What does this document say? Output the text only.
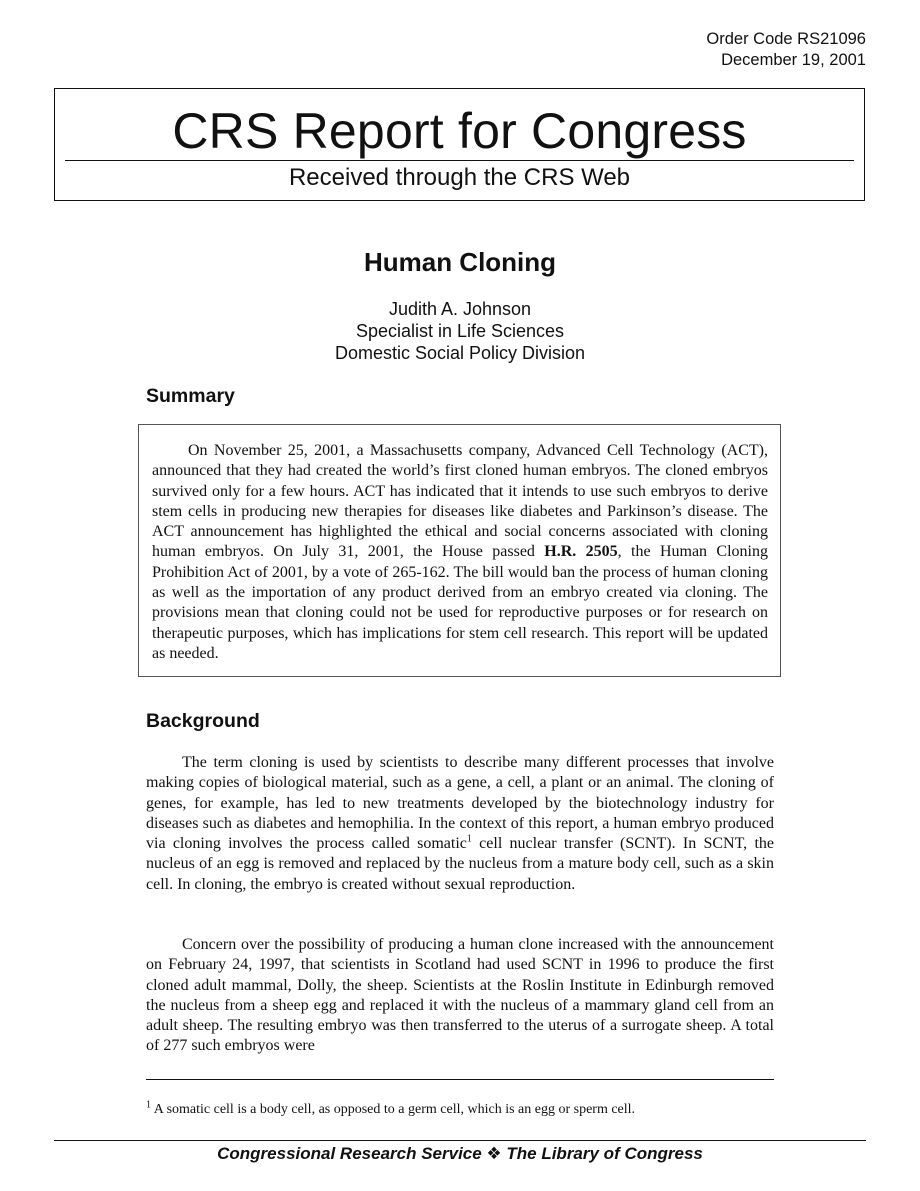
Order Code RS21096
December 19, 2001
CRS Report for Congress
Received through the CRS Web
Human Cloning
Judith A. Johnson
Specialist in Life Sciences
Domestic Social Policy Division
Summary

On November 25, 2001, a Massachusetts company, Advanced Cell Technology (ACT), announced that they had created the world’s first cloned human embryos. The cloned embryos survived only for a few hours. ACT has indicated that it intends to use such embryos to derive stem cells in producing new therapies for diseases like diabetes and Parkinson’s disease. The ACT announcement has highlighted the ethical and social concerns associated with cloning human embryos. On July 31, 2001, the House passed H.R. 2505, the Human Cloning Prohibition Act of 2001, by a vote of 265-162. The bill would ban the process of human cloning as well as the importation of any product derived from an embryo created via cloning. The provisions mean that cloning could not be used for reproductive purposes or for research on therapeutic purposes, which has implications for stem cell research. This report will be updated as needed.

Background

The term cloning is used by scientists to describe many different processes that involve making copies of biological material, such as a gene, a cell, a plant or an animal. The cloning of genes, for example, has led to new treatments developed by the biotechnology industry for diseases such as diabetes and hemophilia. In the context of this report, a human embryo produced via cloning involves the process called somatic$^1$ cell nuclear transfer (SCNT). In SCNT, the nucleus of an egg is removed and replaced by the nucleus from a mature body cell, such as a skin cell. In cloning, the embryo is created without sexual reproduction.

Concern over the possibility of producing a human clone increased with the announcement on February 24, 1997, that scientists in Scotland had used SCNT in 1996 to produce the first cloned adult mammal, Dolly, the sheep. Scientists at the Roslin Institute in Edinburgh removed the nucleus from a sheep egg and replaced it with the nucleus of a mammary gland cell from an adult sheep. The resulting embryo was then transferred to the uterus of a surrogate sheep. A total of 277 such embryos were

$^1$ A somatic cell is a body cell, as opposed to a germ cell, which is an egg or sperm cell.
Congressional Research Service ❖ The Library of Congress
